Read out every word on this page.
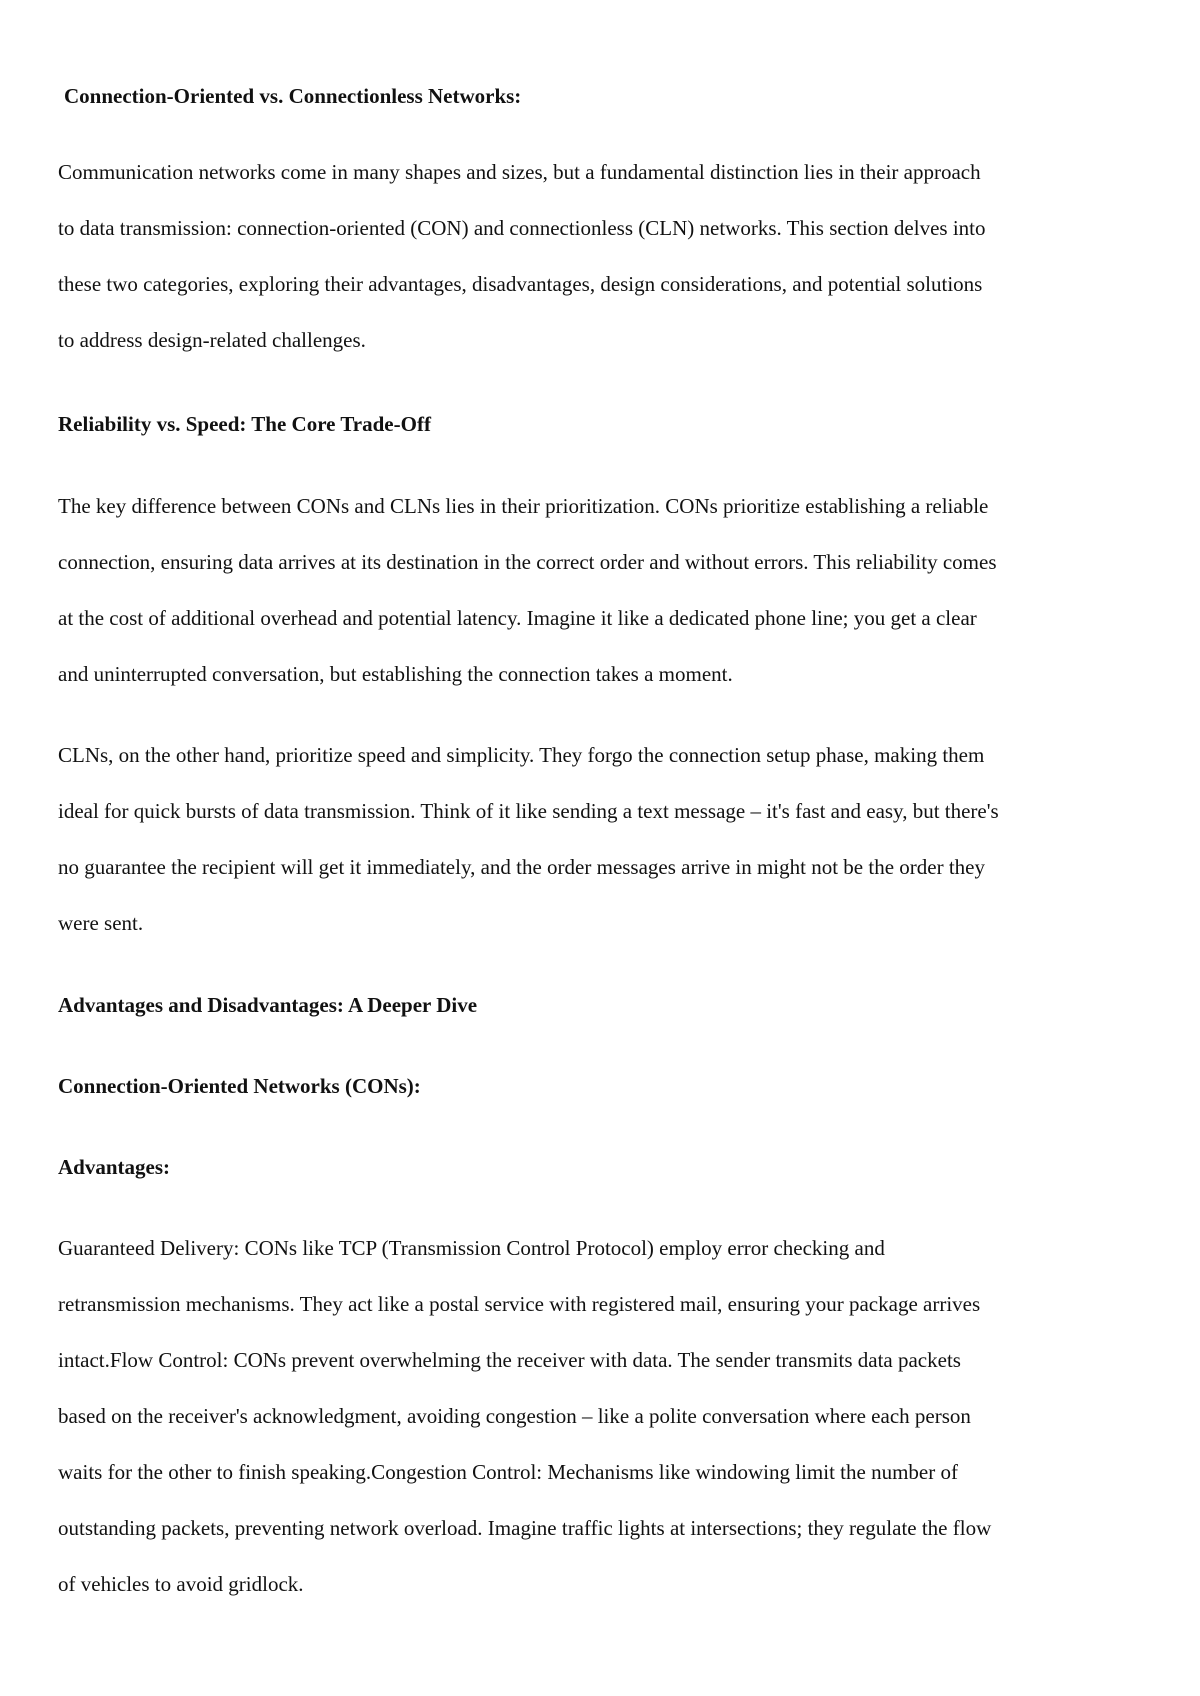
Connection-Oriented vs. Connectionless Networks:

Communication networks come in many shapes and sizes, but a fundamental distinction lies in their approach

to data transmission: connection-oriented (CON) and connectionless (CLN) networks. This section delves into

these two categories, exploring their advantages, disadvantages, design considerations, and potential solutions

to address design-related challenges.

Reliability vs. Speed: The Core Trade-Off

The key difference between CONs and CLNs lies in their prioritization. CONs prioritize establishing a reliable

connection, ensuring data arrives at its destination in the correct order and without errors. This reliability comes

at the cost of additional overhead and potential latency. Imagine it like a dedicated phone line; you get a clear

and uninterrupted conversation, but establishing the connection takes a moment.

CLNs, on the other hand, prioritize speed and simplicity. They forgo the connection setup phase, making them

ideal for quick bursts of data transmission. Think of it like sending a text message – it's fast and easy, but there's

no guarantee the recipient will get it immediately, and the order messages arrive in might not be the order they

were sent.

Advantages and Disadvantages: A Deeper Dive

Connection-Oriented Networks (CONs):

Advantages:

Guaranteed Delivery: CONs like TCP (Transmission Control Protocol) employ error checking and

retransmission mechanisms. They act like a postal service with registered mail, ensuring your package arrives

intact.Flow Control: CONs prevent overwhelming the receiver with data. The sender transmits data packets

based on the receiver's acknowledgment, avoiding congestion – like a polite conversation where each person

waits for the other to finish speaking.Congestion Control: Mechanisms like windowing limit the number of

outstanding packets, preventing network overload. Imagine traffic lights at intersections; they regulate the flow

of vehicles to avoid gridlock.
